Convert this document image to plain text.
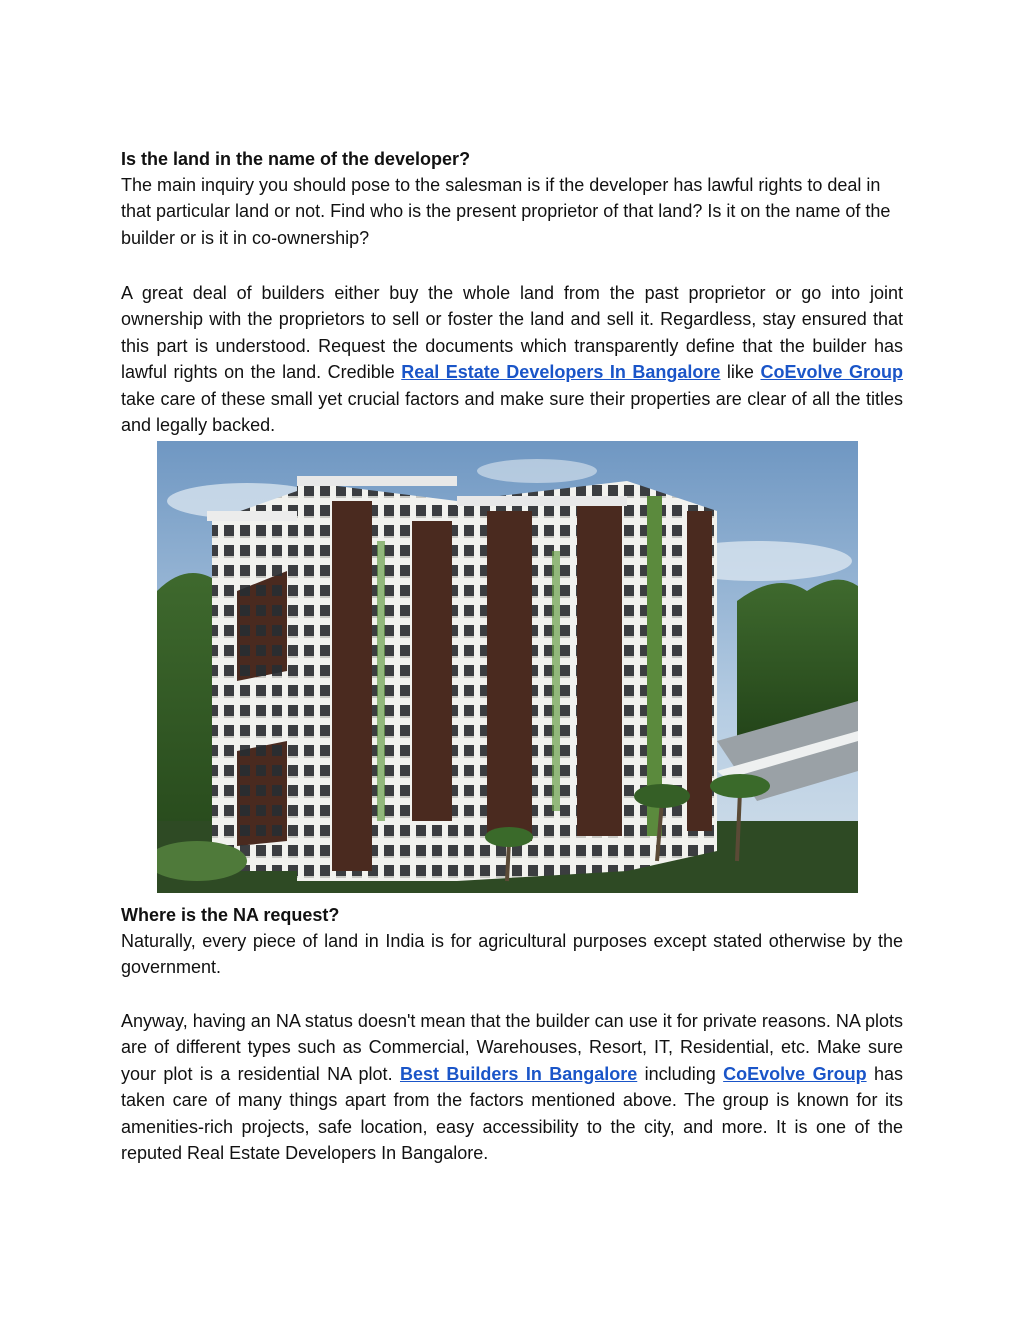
Is the land in the name of the developer?

The main inquiry you should pose to the salesman is if the developer has lawful rights to deal in that particular land or not. Find who is the present proprietor of that land? Is it on the name of the builder or is it in co-ownership?

A great deal of builders either buy the whole land from the past proprietor or go into joint ownership with the proprietors to sell or foster the land and sell it. Regardless, stay ensured that this part is understood. Request the documents which transparently define that the builder has lawful rights on the land. Credible Real Estate Developers In Bangalore like CoEvolve Group take care of these small yet crucial factors and make sure their properties are clear of all the titles and legally backed.

Where is the NA request?

Naturally, every piece of land in India is for agricultural purposes except stated otherwise by the government.

Anyway, having an NA status doesn't mean that the builder can use it for private reasons. NA plots are of different types such as Commercial, Warehouses, Resort, IT, Residential, etc. Make sure your plot is a residential NA plot. Best Builders In Bangalore including CoEvolve Group has taken care of many things apart from the factors mentioned above. The group is known for its amenities-rich projects, safe location, easy accessibility to the city, and more. It is one of the reputed Real Estate Developers In Bangalore.
